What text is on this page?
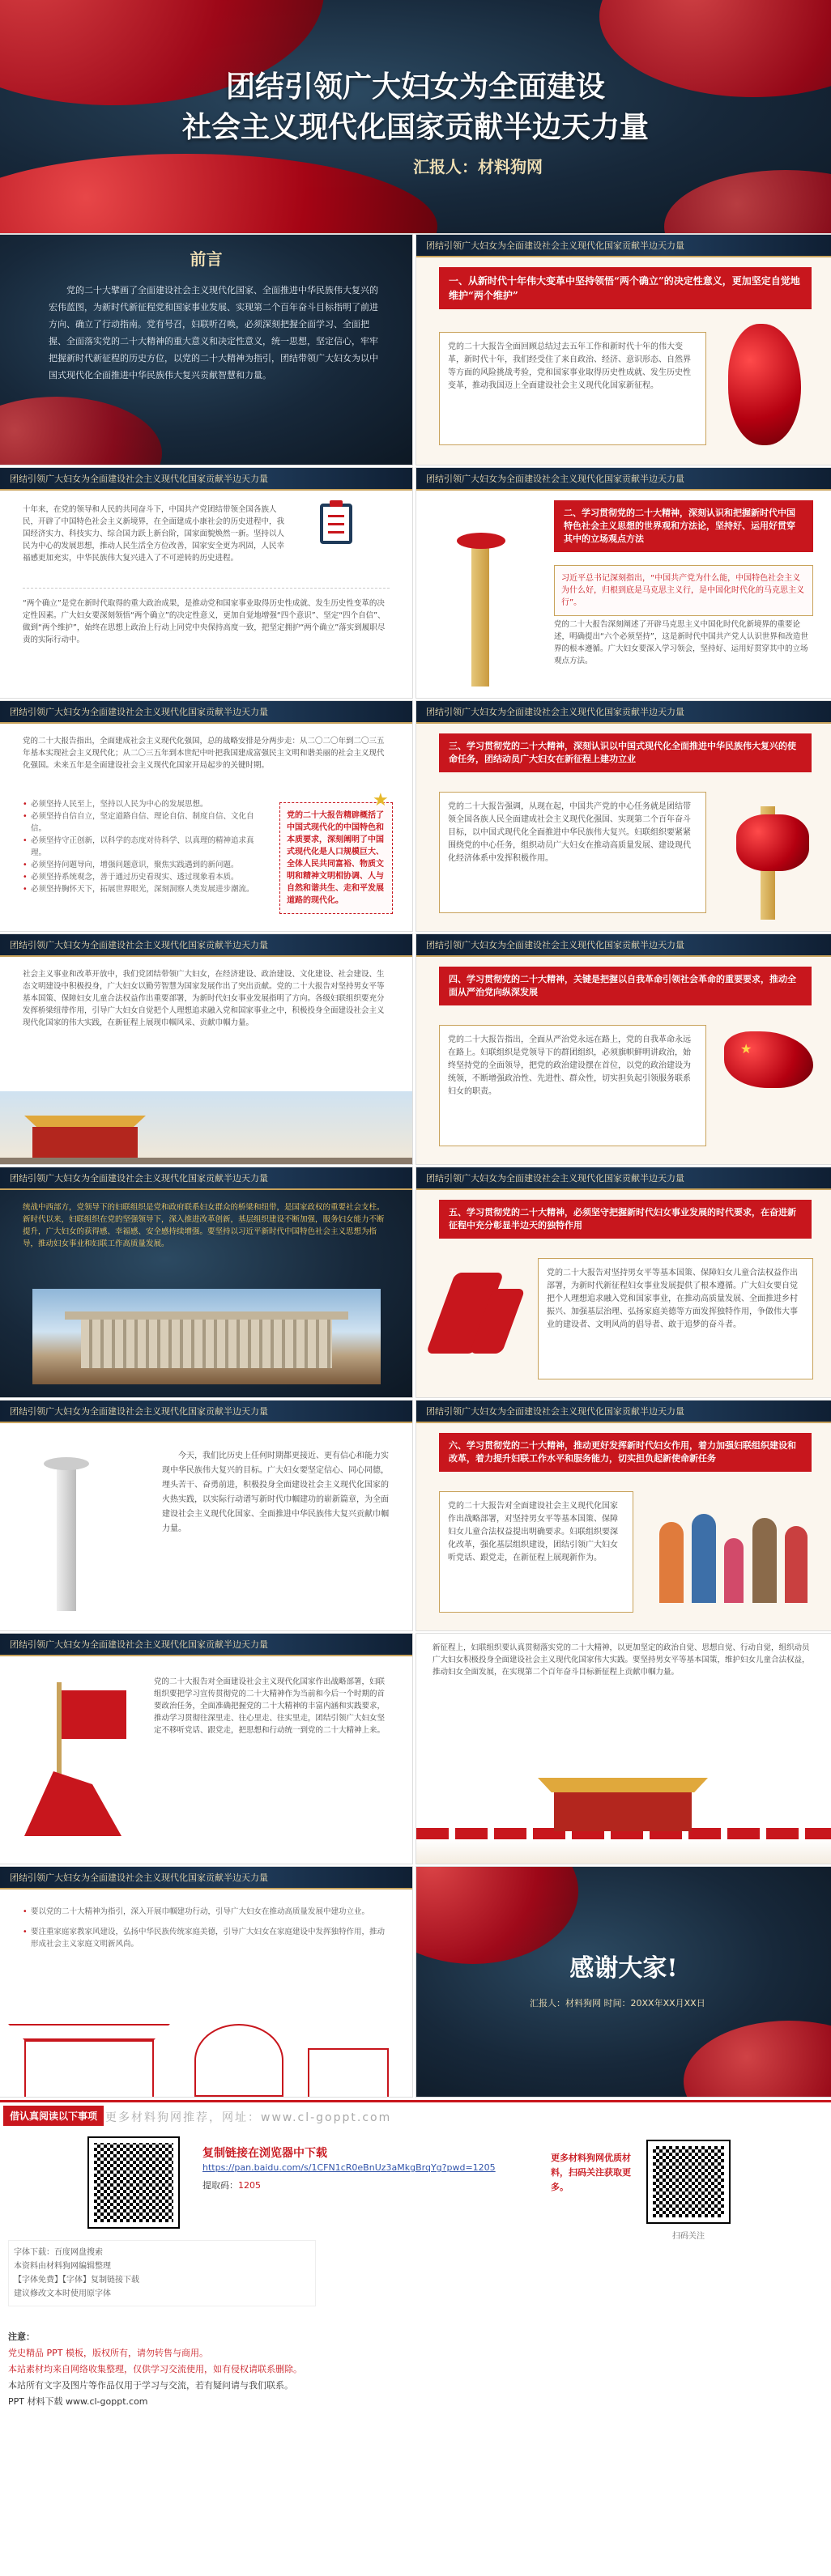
团结引领广大妇女为全面建设
社会主义现代化国家贡献半边天力量
汇报人：材料狗网
前言
党的二十大擘画了全面建设社会主义现代化国家、全面推进中华民族伟大复兴的宏伟蓝图，为新时代新征程党和国家事业发展、实现第二个百年奋斗目标指明了前进方向、确立了行动指南。党有号召，妇联听召唤，必须深刻把握全面学习、全面把握、全面落实党的二十大精神的重大意义和决定性意义，统一思想，坚定信心，牢牢把握新时代新征程的历史方位，以党的二十大精神为指引，团结带领广大妇女为以中国式现代化全面推进中华民族伟大复兴贡献智慧和力量。
团结引领广大妇女为全面建设社会主义现代化国家贡献半边天力量
一、从新时代十年伟大变革中坚持领悟“两个确立”的决定性意义，更加坚定自觉地维护“两个维护”
党的二十大报告全面回顾总结过去五年工作和新时代十年的伟大变革，新时代十年，我们经受住了来自政治、经济、意识形态、自然界等方面的风险挑战考验，党和国家事业取得历史性成就、发生历史性变革，推动我国迈上全面建设社会主义现代化国家新征程。
团结引领广大妇女为全面建设社会主义现代化国家贡献半边天力量
十年来，在党的领导和人民的共同奋斗下，中国共产党团结带领全国各族人民，开辟了中国特色社会主义新境界，在全面建成小康社会的历史进程中，我国经济实力、科技实力、综合国力跃上新台阶，国家面貌焕然一新。坚持以人民为中心的发展思想，推动人民生活全方位改善，国家安全更为巩固，人民幸福感更加充实，中华民族伟大复兴进入了不可逆转的历史进程。
“两个确立”是党在新时代取得的重大政治成果，是推动党和国家事业取得历史性成就、发生历史性变革的决定性因素。广大妇女要深刻领悟“两个确立”的决定性意义，更加自觉地增强“四个意识”、坚定“四个自信”、做到“两个维护”，始终在思想上政治上行动上同党中央保持高度一致，把坚定拥护“两个确立”落实到履职尽责的实际行动中。
团结引领广大妇女为全面建设社会主义现代化国家贡献半边天力量
二、学习贯彻党的二十大精神，深刻认识和把握新时代中国特色社会主义思想的世界观和方法论，坚持好、运用好贯穿其中的立场观点方法
习近平总书记深刻指出，“中国共产党为什么能，中国特色社会主义为什么好，归根到底是马克思主义行，是中国化时代化的马克思主义行”。
党的二十大报告深刻阐述了开辟马克思主义中国化时代化新境界的重要论述，明确提出“六个必须坚持”，这是新时代中国共产党人认识世界和改造世界的根本遵循。广大妇女要深入学习领会，坚持好、运用好贯穿其中的立场观点方法。
团结引领广大妇女为全面建设社会主义现代化国家贡献半边天力量
党的二十大报告指出，全面建成社会主义现代化强国，总的战略安排是分两步走：从二〇二〇年到二〇三五年基本实现社会主义现代化；从二〇三五年到本世纪中叶把我国建成富强民主文明和谐美丽的社会主义现代化强国。未来五年是全面建设社会主义现代化国家开局起步的关键时期。
• 必须坚持人民至上，坚持以人民为中心的发展思想。
• 必须坚持自信自立，坚定道路自信、理论自信、制度自信、文化自信。
• 必须坚持守正创新，以科学的态度对待科学、以真理的精神追求真理。
• 必须坚持问题导向，增强问题意识，聚焦实践遇到的新问题。
• 必须坚持系统观念，善于通过历史看现实、透过现象看本质。
• 必须坚持胸怀天下，拓展世界眼光，深刻洞察人类发展进步潮流。
党的二十大报告精辟概括了中国式现代化的中国特色和本质要求，深刻阐明了中国式现代化是人口规模巨大、全体人民共同富裕、物质文明和精神文明相协调、人与自然和谐共生、走和平发展道路的现代化。
★
团结引领广大妇女为全面建设社会主义现代化国家贡献半边天力量
三、学习贯彻党的二十大精神，深刻认识以中国式现代化全面推进中华民族伟大复兴的使命任务，团结动员广大妇女在新征程上建功立业
党的二十大报告强调，从现在起，中国共产党的中心任务就是团结带领全国各族人民全面建成社会主义现代化强国、实现第二个百年奋斗目标，以中国式现代化全面推进中华民族伟大复兴。妇联组织要紧紧围绕党的中心任务，组织动员广大妇女在推动高质量发展、建设现代化经济体系中发挥积极作用。
团结引领广大妇女为全面建设社会主义现代化国家贡献半边天力量
社会主义事业和改革开放中，我们党团结带领广大妇女，在经济建设、政治建设、文化建设、社会建设、生态文明建设中积极投身，广大妇女以勤劳智慧为国家发展作出了突出贡献。党的二十大报告对坚持男女平等基本国策、保障妇女儿童合法权益作出重要部署，为新时代妇女事业发展指明了方向。各级妇联组织要充分发挥桥梁纽带作用，引导广大妇女自觉把个人理想追求融入党和国家事业之中，积极投身全面建设社会主义现代化国家的伟大实践，在新征程上展现巾帼风采、贡献巾帼力量。
团结引领广大妇女为全面建设社会主义现代化国家贡献半边天力量
四、学习贯彻党的二十大精神，关键是把握以自我革命引领社会革命的重要要求，推动全面从严治党向纵深发展
党的二十大报告指出，全面从严治党永远在路上，党的自我革命永远在路上。妇联组织是党领导下的群团组织，必须旗帜鲜明讲政治，始终坚持党的全面领导，把党的政治建设摆在首位，以党的政治建设为统领，不断增强政治性、先进性、群众性，切实担负起引领服务联系妇女的职责。
★
团结引领广大妇女为全面建设社会主义现代化国家贡献半边天力量
统战中西部方，党领导下的妇联组织是党和政府联系妇女群众的桥梁和纽带，是国家政权的重要社会支柱。新时代以来，妇联组织在党的坚强领导下，深入推进改革创新，基层组织建设不断加强，服务妇女能力不断提升，广大妇女的获得感、幸福感、安全感持续增强。要坚持以习近平新时代中国特色社会主义思想为指导，推动妇女事业和妇联工作高质量发展。
团结引领广大妇女为全面建设社会主义现代化国家贡献半边天力量
五、学习贯彻党的二十大精神，必须坚守把握新时代妇女事业发展的时代要求，在奋进新征程中充分彰显半边天的独特作用
党的二十大报告对坚持男女平等基本国策、保障妇女儿童合法权益作出部署，为新时代新征程妇女事业发展提供了根本遵循。广大妇女要自觉把个人理想追求融入党和国家事业，在推动高质量发展、全面推进乡村振兴、加强基层治理、弘扬家庭美德等方面发挥独特作用，争做伟大事业的建设者、文明风尚的倡导者、敢于追梦的奋斗者。
团结引领广大妇女为全面建设社会主义现代化国家贡献半边天力量
今天，我们比历史上任何时期都更接近、更有信心和能力实现中华民族伟大复兴的目标。广大妇女要坚定信心、同心同德，埋头苦干、奋勇前进，积极投身全面建设社会主义现代化国家的火热实践，以实际行动谱写新时代巾帼建功的崭新篇章，为全面建设社会主义现代化国家、全面推进中华民族伟大复兴贡献巾帼力量。
团结引领广大妇女为全面建设社会主义现代化国家贡献半边天力量
六、学习贯彻党的二十大精神，推动更好发挥新时代妇女作用，着力加强妇联组织建设和改革，着力提升妇联工作水平和服务能力，切实担负起新使命新任务
党的二十大报告对全面建设社会主义现代化国家作出战略部署，对坚持男女平等基本国策、保障妇女儿童合法权益提出明确要求。妇联组织要深化改革，强化基层组织建设，团结引领广大妇女听党话、跟党走，在新征程上展现新作为。
团结引领广大妇女为全面建设社会主义现代化国家贡献半边天力量
党的二十大报告对全面建设社会主义现代化国家作出战略部署，妇联组织要把学习宣传贯彻党的二十大精神作为当前和今后一个时期的首要政治任务，全面准确把握党的二十大精神的丰富内涵和实践要求，推动学习贯彻往深里走、往心里走、往实里走，团结引领广大妇女坚定不移听党话、跟党走，把思想和行动统一到党的二十大精神上来。
新征程上，妇联组织要认真贯彻落实党的二十大精神，以更加坚定的政治自觉、思想自觉、行动自觉，组织动员广大妇女积极投身全面建设社会主义现代化国家伟大实践。要坚持男女平等基本国策，维护妇女儿童合法权益，推动妇女全面发展，在实现第二个百年奋斗目标新征程上贡献巾帼力量。
团结引领广大妇女为全面建设社会主义现代化国家贡献半边天力量
• 要以党的二十大精神为指引，深入开展巾帼建功行动，引导广大妇女在推动高质量发展中建功立业。
• 要注重家庭家教家风建设，弘扬中华民族传统家庭美德，引导广大妇女在家庭建设中发挥独特作用，推动形成社会主义家庭文明新风尚。
感谢大家!
汇报人：材料狗网 时间：20XX年XX月XX日
借认真阅读以下事项 更多材料狗网推荐，网址：www.cl-goppt.com
复制链接在浏览器中下载
https://pan.baidu.com/s/1CFN1cR0eBnUz3aMkgBrqYg?pwd=1205
提取码：1205
字体下载：百度网盘搜索
本资料由材料狗网编辑整理
【字体免费】【字体】复制链接下载
建议修改文本时使用原字体
更多材料狗网优质材料，扫码关注获取更多。
扫码关注
注意：
党史精品 PPT 模板，版权所有，请勿转售与商用。
本站素材均来自网络收集整理，仅供学习交流使用，如有侵权请联系删除。
本站所有文字及图片等作品仅用于学习与交流，若有疑问请与我们联系。
PPT 材料下载 www.cl-goppt.com
